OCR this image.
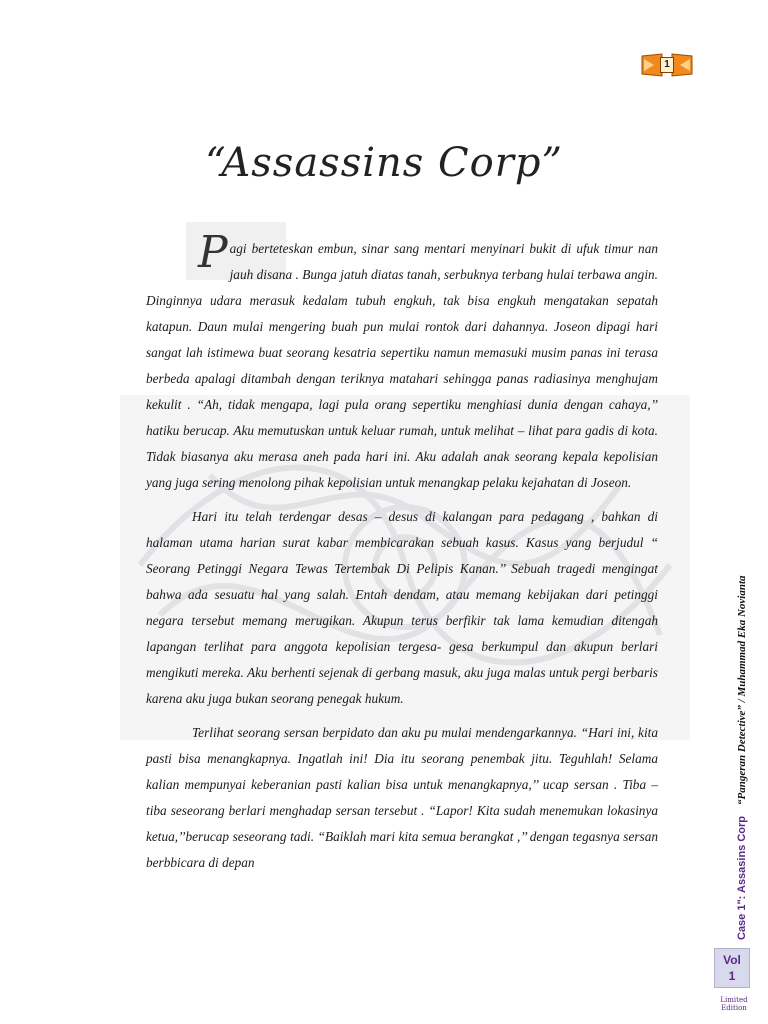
1
“Assassins Corp”

Pagi berteteskan embun, sinar sang mentari menyinari bukit di ufuk timur nan jauh disana . Bunga jatuh diatas tanah, serbuknya terbang hulai terbawa angin. Dinginnya udara merasuk kedalam tubuh engkuh, tak bisa engkuh mengatakan sepatah katapun. Daun mulai mengering buah pun mulai rontok dari dahannya. Joseon dipagi hari sangat lah istimewa buat seorang kesatria sepertiku namun memasuki musim panas ini terasa berbeda apalagi ditambah dengan teriknya matahari sehingga panas radiasinya menghujam kekulit . “Ah, tidak mengapa, lagi pula orang sepertiku menghiasi dunia dengan cahaya,’’ hatiku berucap. Aku memutuskan untuk keluar rumah, untuk melihat – lihat para gadis di kota. Tidak biasanya aku merasa aneh pada hari ini. Aku adalah anak seorang kepala kepolisian yang juga sering menolong pihak kepolisian untuk menangkap pelaku kejahatan di Joseon.

Hari itu telah terdengar desas – desus di kalangan para pedagang , bahkan di halaman utama harian surat kabar membicarakan sebuah kasus. Kasus yang berjudul “ Seorang Petinggi Negara Tewas Tertembak Di Pelipis Kanan.’’ Sebuah tragedi mengingat bahwa ada sesuatu hal yang salah. Entah dendam, atau memang kebijakan dari petinggi negara tersebut memang merugikan. Akupun terus berfikir tak lama kemudian ditengah lapangan terlihat para anggota kepolisian tergesa- gesa berkumpul dan akupun berlari mengikuti mereka. Aku berhenti sejenak di gerbang masuk, aku juga malas untuk pergi berbaris karena aku juga bukan seorang penegak hukum.

Terlihat seorang sersan berpidato dan aku pu mulai mendengarkannya. “Hari ini, kita pasti bisa menangkapnya. Ingatlah ini! Dia itu seorang penembak jitu. Teguhlah! Selama kalian mempunyai keberanian pasti kalian bisa untuk menangkapnya,’’ ucap sersan . Tiba – tiba seseorang berlari menghadap sersan tersebut . “Lapor! Kita sudah menemukan lokasinya ketua,’’berucap seseorang tadi. “Baiklah mari kita semua berangkat ,’’ dengan tegasnya sersan berbbicara di depan	Case 1": Assasins Corp    “Pangeran Detective” / Muhammad Eka Novianta
Vol
1
Limited Edition
